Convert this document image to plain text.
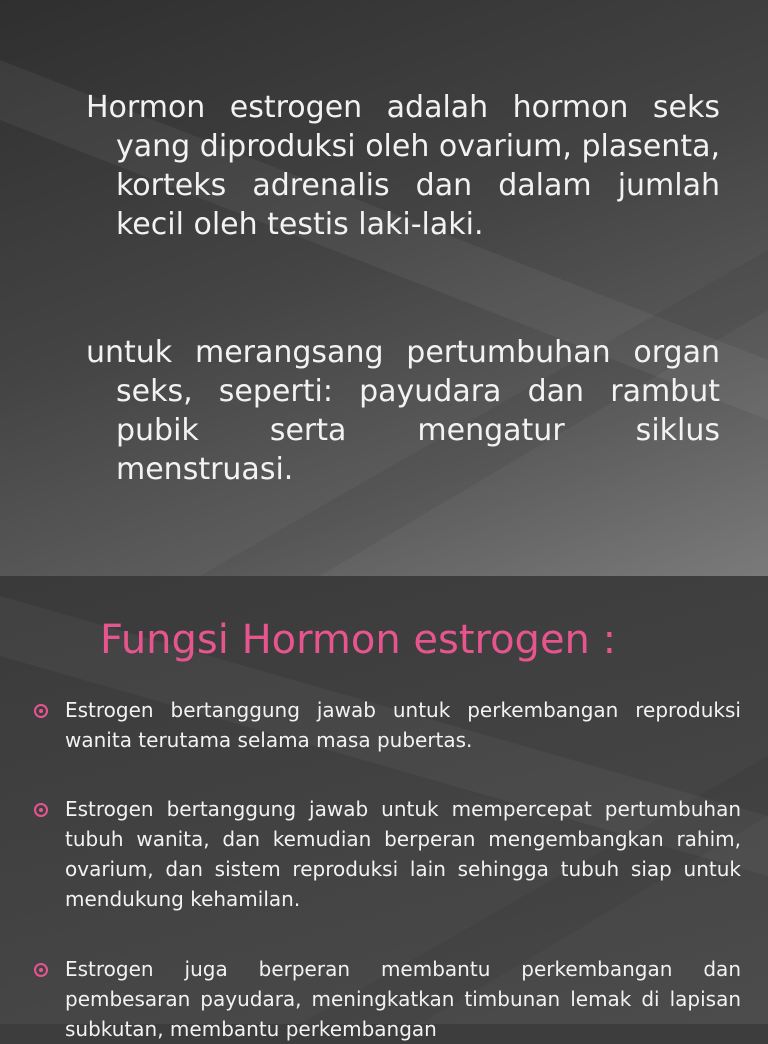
Hormon estrogen adalah hormon seks yang diproduksi oleh ovarium, plasenta, korteks adrenalis dan dalam jumlah kecil oleh testis laki-laki.

untuk merangsang pertumbuhan organ seks, seperti: payudara dan rambut pubik serta mengatur siklus menstruasi.

Fungsi Hormon estrogen :

Estrogen bertanggung jawab untuk perkembangan reproduksi wanita terutama selama masa pubertas.

Estrogen bertanggung jawab untuk mempercepat pertumbuhan tubuh wanita, dan kemudian berperan mengembangkan rahim, ovarium, dan sistem reproduksi lain sehingga tubuh siap untuk mendukung kehamilan.

Estrogen juga berperan membantu perkembangan dan pembesaran payudara, meningkatkan timbunan lemak di lapisan subkutan, membantu perkembangan
